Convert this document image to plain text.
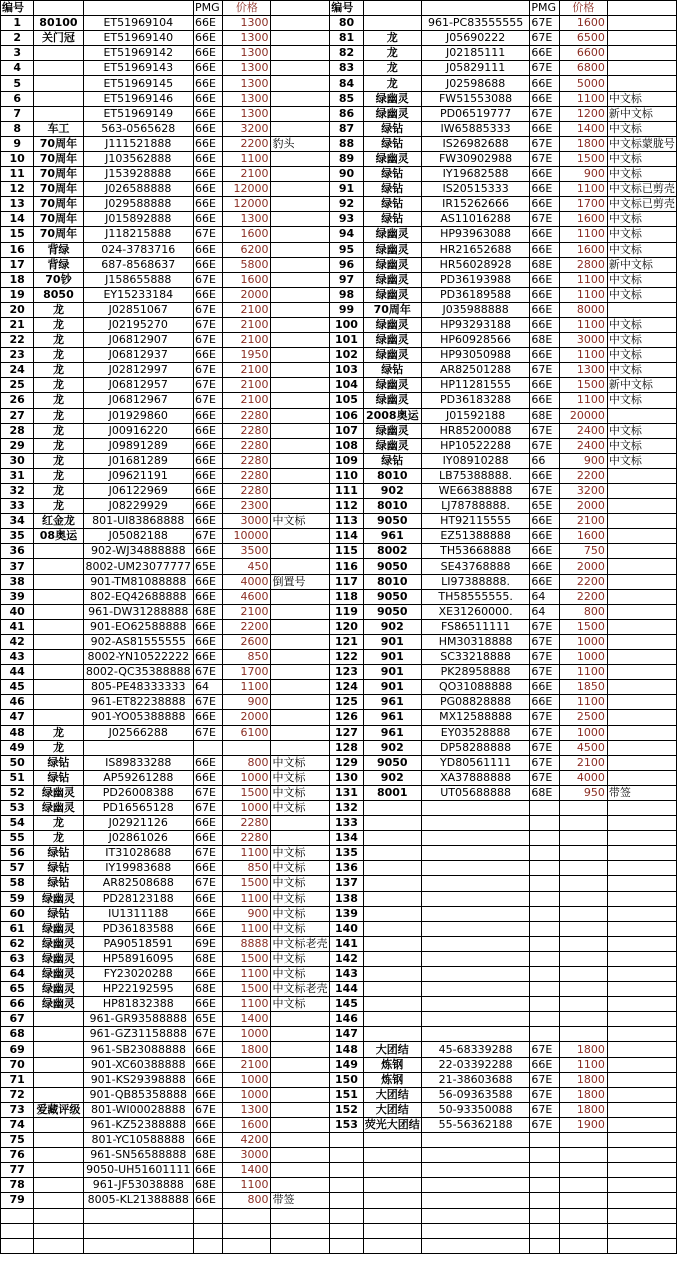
编号			PMG	价格		编号			PMG	价格	
1	80100	ET51969104	66E	1300		80		961-PC83555555	67E	1600	
2	关门冠	ET51969140	66E	1300		81	龙	J05690222	67E	6500	
3		ET51969142	66E	1300		82	龙	J02185111	66E	6600	
4		ET51969143	66E	1300		83	龙	J05829111	67E	6800	
5		ET51969145	66E	1300		84	龙	J02598688	66E	5000	
6		ET51969146	66E	1300		85	绿幽灵	FW51553088	66E	1100	中文标
7		ET51969149	66E	1300		86	绿幽灵	PD06519777	67E	1200	新中文标
8	车工	563-0565628	66E	3200		87	绿钻	IW65885333	66E	1400	中文标
9	70周年	J111521888	66E	2200	豹头	88	绿钻	IS26982688	67E	1800	中文标蒙胧号
10	70周年	J103562888	66E	1100		89	绿幽灵	FW30902988	67E	1500	中文标
11	70周年	J153928888	66E	2100		90	绿钻	IY19682588	66E	900	中文标
12	70周年	J026588888	66E	12000		91	绿钻	IS20515333	66E	1100	中文标已剪壳
13	70周年	J029588888	66E	12000		92	绿钻	IR15262666	66E	1700	中文标已剪壳
14	70周年	J015892888	66E	1300		93	绿钻	AS11016288	67E	1600	中文标
15	70周年	J118215888	67E	1600		94	绿幽灵	HP93963088	66E	1100	中文标
16	背绿	024-3783716	66E	6200		95	绿幽灵	HR21652688	66E	1600	中文标
17	背绿	687-8568637	66E	5800		96	绿幽灵	HR56028928	68E	2800	新中文标
18	70钞	J158655888	67E	1600		97	绿幽灵	PD36193988	66E	1100	中文标
19	8050	EY15233184	66E	2000		98	绿幽灵	PD36189588	66E	1100	中文标
20	龙	J02851067	67E	2100		99	70周年	J035988888	66E	8000	
21	龙	J02195270	67E	2100		100	绿幽灵	HP93293188	66E	1100	中文标
22	龙	J06812907	67E	2100		101	绿幽灵	HP60928566	68E	3000	中文标
23	龙	J06812937	66E	1950		102	绿幽灵	HP93050988	66E	1100	中文标
24	龙	J02812997	67E	2100		103	绿钻	AR82501288	67E	1300	中文标
25	龙	J06812957	67E	2100		104	绿幽灵	HP11281555	66E	1500	新中文标
26	龙	J06812967	67E	2100		105	绿幽灵	PD36183288	66E	1100	中文标
27	龙	J01929860	66E	2280		106	2008奥运	J01592188	68E	20000	
28	龙	J00916220	66E	2280		107	绿幽灵	HR85200088	67E	2400	中文标
29	龙	J09891289	66E	2280		108	绿幽灵	HP10522288	67E	2400	中文标
30	龙	J01681289	66E	2280		109	绿钻	IY08910288	66	900	中文标
31	龙	J09621191	66E	2280		110	8010	LB75388888.	66E	2200	
32	龙	J06122969	66E	2280		111	902	WE66388888	67E	3200	
33	龙	J08229929	66E	2300		112	8010	LJ78788888.	65E	2000	
34	红金龙	801-UI83868888	66E	3000	中文标	113	9050	HT92115555	66E	2100	
35	08奥运	J05082188	67E	10000		114	961	EZ51388888	66E	1600	
36		902-WJ34888888	66E	3500		115	8002	TH53668888	66E	750	
37		8002-UM23077777	65E	450		116	9050	SE43768888	66E	2000	
38		901-TM81088888	66E	4000	倒置号	117	8010	LI97388888.	66E	2200	
39		802-EQ42688888	66E	4600		118	9050	TH58555555.	64	2200	
40		961-DW31288888	68E	2100		119	9050	XE31260000.	64	800	
41		901-EO62588888	66E	2200		120	902	FS86511111	67E	1500	
42		902-AS81555555	66E	2600		121	901	HM30318888	67E	1000	
43		8002-YN10522222	66E	850		122	901	SC33218888	67E	1000	
44		8002-QC35388888	67E	1700		123	901	PK28958888	67E	1100	
45		805-PE48333333	64	1100		124	901	QO31088888	66E	1850	
46		961-ET82238888	67E	900		125	961	PG08828888	66E	1100	
47		901-YO05388888	66E	2000		126	961	MX12588888	67E	2500	
48	龙	J02566288	67E	6100		127	961	EY03528888	67E	1000	
49	龙					128	902	DP58288888	67E	4500	
50	绿钻	IS89833288	66E	800	中文标	129	9050	YD80561111	67E	2100	
51	绿钻	AP59261288	66E	1000	中文标	130	902	XA37888888	67E	4000	
52	绿幽灵	PD26008388	67E	1500	中文标	131	8001	UT05688888	68E	950	带签
53	绿幽灵	PD16565128	67E	1000	中文标	132					
54	龙	J02921126	66E	2280		133					
55	龙	J02861026	66E	2280		134					
56	绿钻	IT31028688	67E	1100	中文标	135					
57	绿钻	IY19983688	66E	850	中文标	136					
58	绿钻	AR82508688	67E	1500	中文标	137					
59	绿幽灵	PD28123188	66E	1100	中文标	138					
60	绿钻	IU1311188	66E	900	中文标	139					
61	绿幽灵	PD36183588	66E	1100	中文标	140					
62	绿幽灵	PA90518591	69E	8888	中文标老壳	141					
63	绿幽灵	HP58916095	68E	1500	中文标	142					
64	绿幽灵	FY23020288	66E	1100	中文标	143					
65	绿幽灵	HP22192595	68E	1500	中文标老壳	144					
66	绿幽灵	HP81832388	66E	1100	中文标	145					
67		961-GR93588888	65E	1400		146					
68		961-GZ31158888	67E	1000		147					
69		961-SB23088888	66E	1800		148	大团结	45-68339288	67E	1800	
70		901-XC60388888	66E	2100		149	炼钢	22-03392288	66E	1100	
71		901-KS29398888	66E	1000		150	炼钢	21-38603688	67E	1800	
72		901-QB85358888	66E	1000		151	大团结	56-09363588	67E	1800	
73	爱藏评级	801-WI00028888	67E	1300		152	大团结	50-93350088	67E	1800	
74		961-KZ52388888	66E	1600		153	荧光大团结	55-56362188	67E	1900	
75		801-YC10588888	66E	4200							
76		961-SN56588888	68E	3000							
77		9050-UH51601111	66E	1400							
78		961-JF53038888	68E	1100							
79		8005-KL21388888	66E	800	带签						
